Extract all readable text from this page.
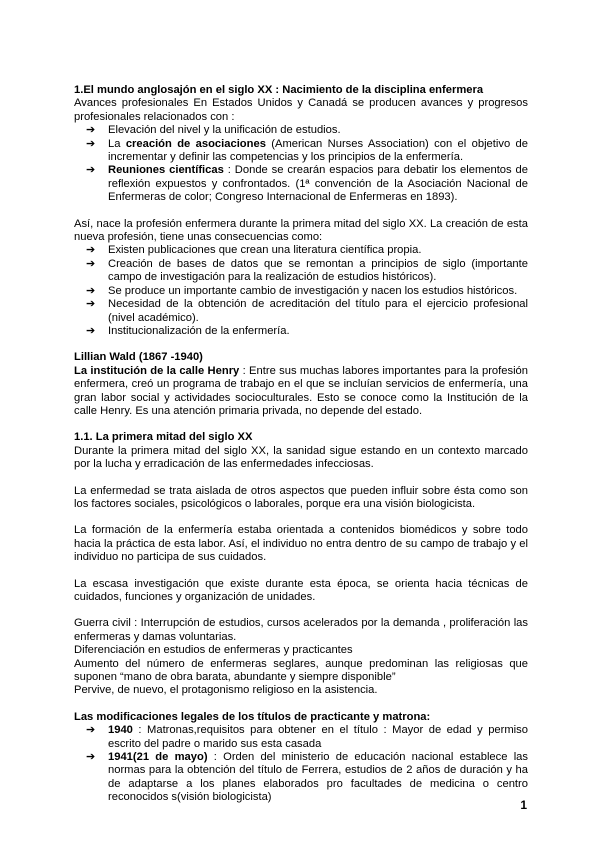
1.El mundo anglosajón en el siglo XX : Nacimiento de la disciplina enfermera

Avances profesionales En Estados Unidos y Canadá se producen avances y progresos profesionales relacionados con :

➔ Elevación del nivel y la unificación de estudios.
➔ La creación de asociaciones (American Nurses Association) con el objetivo de incrementar y definir las competencias y los principios de la enfermería.
➔ Reuniones científicas : Donde se crearán espacios para debatir los elementos de reflexión expuestos y confrontados. (1ª convención de la Asociación Nacional de Enfermeras de color; Congreso Internacional de Enfermeras en 1893).

Así, nace la profesión enfermera durante la primera mitad del siglo XX. La creación de esta nueva profesión, tiene unas consecuencias como:

➔ Existen publicaciones que crean una literatura científica propia.
➔ Creación de bases de datos que se remontan a principios de siglo (importante campo de investigación para la realización de estudios históricos).
➔ Se produce un importante cambio de investigación y nacen los estudios históricos.
➔ Necesidad de la obtención de acreditación del título para el ejercicio profesional (nivel académico).
➔ Institucionalización de la enfermería.

Lillian Wald (1867 -1940)

La institución de la calle Henry : Entre sus muchas labores importantes para la profesión enfermera, creó un programa de trabajo en el que se incluían servicios de enfermería, una gran labor social y actividades socioculturales. Esto se conoce como la Institución de la calle Henry. Es una atención primaria privada, no depende del estado.

1.1. La primera mitad del siglo XX

Durante la primera mitad del siglo XX, la sanidad sigue estando en un contexto marcado por la lucha y erradicación de las enfermedades infecciosas.

La enfermedad se trata aislada de otros aspectos que pueden influir sobre ésta como son los factores sociales, psicológicos o laborales, porque era una visión biologicista.

La formación de la enfermería estaba orientada a contenidos biomédicos y sobre todo hacia la práctica de esta labor. Así, el individuo no entra dentro de su campo de trabajo y el individuo no participa de sus cuidados.

La escasa investigación que existe durante esta época, se orienta hacia técnicas de cuidados, funciones y organización de unidades.

Guerra civil : Interrupción de estudios, cursos acelerados por la demanda , proliferación las enfermeras y damas voluntarias.

Diferenciación en estudios de enfermeras y practicantes

Aumento del número de enfermeras seglares, aunque predominan las religiosas que suponen “mano de obra barata, abundante y siempre disponible”

Pervive, de nuevo, el protagonismo religioso en la asistencia.

Las modificaciones legales de los títulos de practicante y matrona:

➔ 1940 : Matronas,requisitos para obtener en el título : Mayor de edad y permiso escrito del padre o marido sus esta casada
➔ 1941(21 de mayo) : Orden del ministerio de educación nacional establece las normas para la obtención del título de Ferrera, estudios de 2 años de duración y ha de adaptarse a los planes elaborados pro facultades de medicina o centro reconocidos s(visión biologicista)
1
